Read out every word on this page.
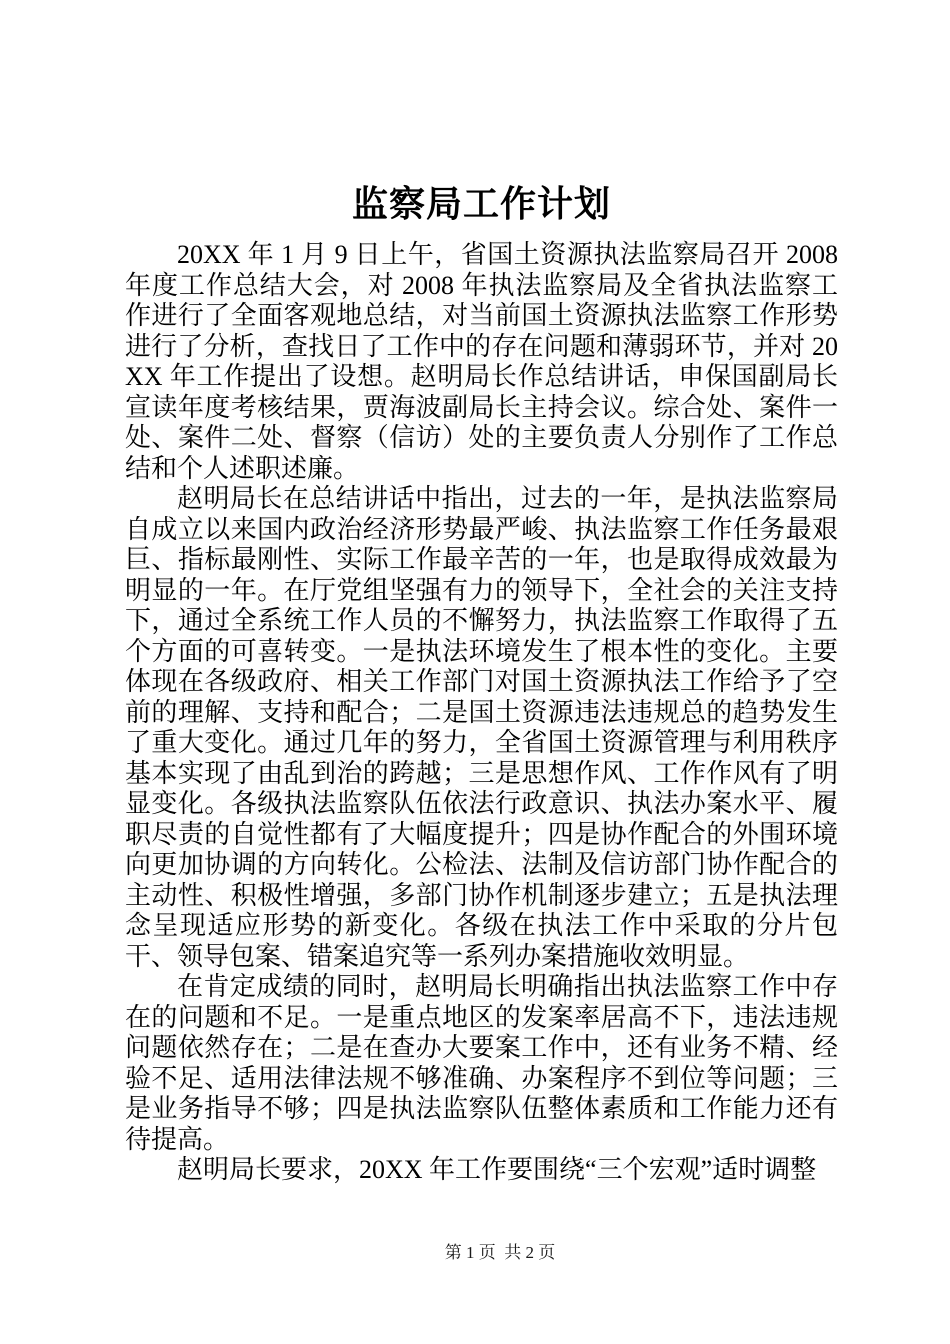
监察局工作计划

20XX 年 1 月 9 日上午，省国土资源执法监察局召开 2008 年度工作总结大会，对 2008 年执法监察局及全省执法监察工作进行了全面客观地总结，对当前国土资源执法监察工作形势进行了分析，查找日了工作中的存在问题和薄弱环节，并对 20XX 年工作提出了设想。赵明局长作总结讲话，申保国副局长宣读年度考核结果，贾海波副局长主持会议。综合处、案件一处、案件二处、督察（信访）处的主要负责人分别作了工作总结和个人述职述廉。

赵明局长在总结讲话中指出，过去的一年，是执法监察局自成立以来国内政治经济形势最严峻、执法监察工作任务最艰巨、指标最刚性、实际工作最辛苦的一年，也是取得成效最为明显的一年。在厅党组坚强有力的领导下，全社会的关注支持下，通过全系统工作人员的不懈努力，执法监察工作取得了五个方面的可喜转变。一是执法环境发生了根本性的变化。主要体现在各级政府、相关工作部门对国土资源执法工作给予了空前的理解、支持和配合；二是国土资源违法违规总的趋势发生了重大变化。通过几年的努力，全省国土资源管理与利用秩序基本实现了由乱到治的跨越；三是思想作风、工作作风有了明显变化。各级执法监察队伍依法行政意识、执法办案水平、履职尽责的自觉性都有了大幅度提升；四是协作配合的外围环境向更加协调的方向转化。公检法、法制及信访部门协作配合的主动性、积极性增强，多部门协作机制逐步建立；五是执法理念呈现适应形势的新变化。各级在执法工作中采取的分片包干、领导包案、错案追究等一系列办案措施收效明显。

在肯定成绩的同时，赵明局长明确指出执法监察工作中存在的问题和不足。一是重点地区的发案率居高不下，违法违规问题依然存在；二是在查办大要案工作中，还有业务不精、经验不足、适用法律法规不够准确、办案程序不到位等问题；三是业务指导不够；四是执法监察队伍整体素质和工作能力还有待提高。

赵明局长要求，20XX 年工作要围绕“三个宏观”适时调整

第 1 页  共 2 页
